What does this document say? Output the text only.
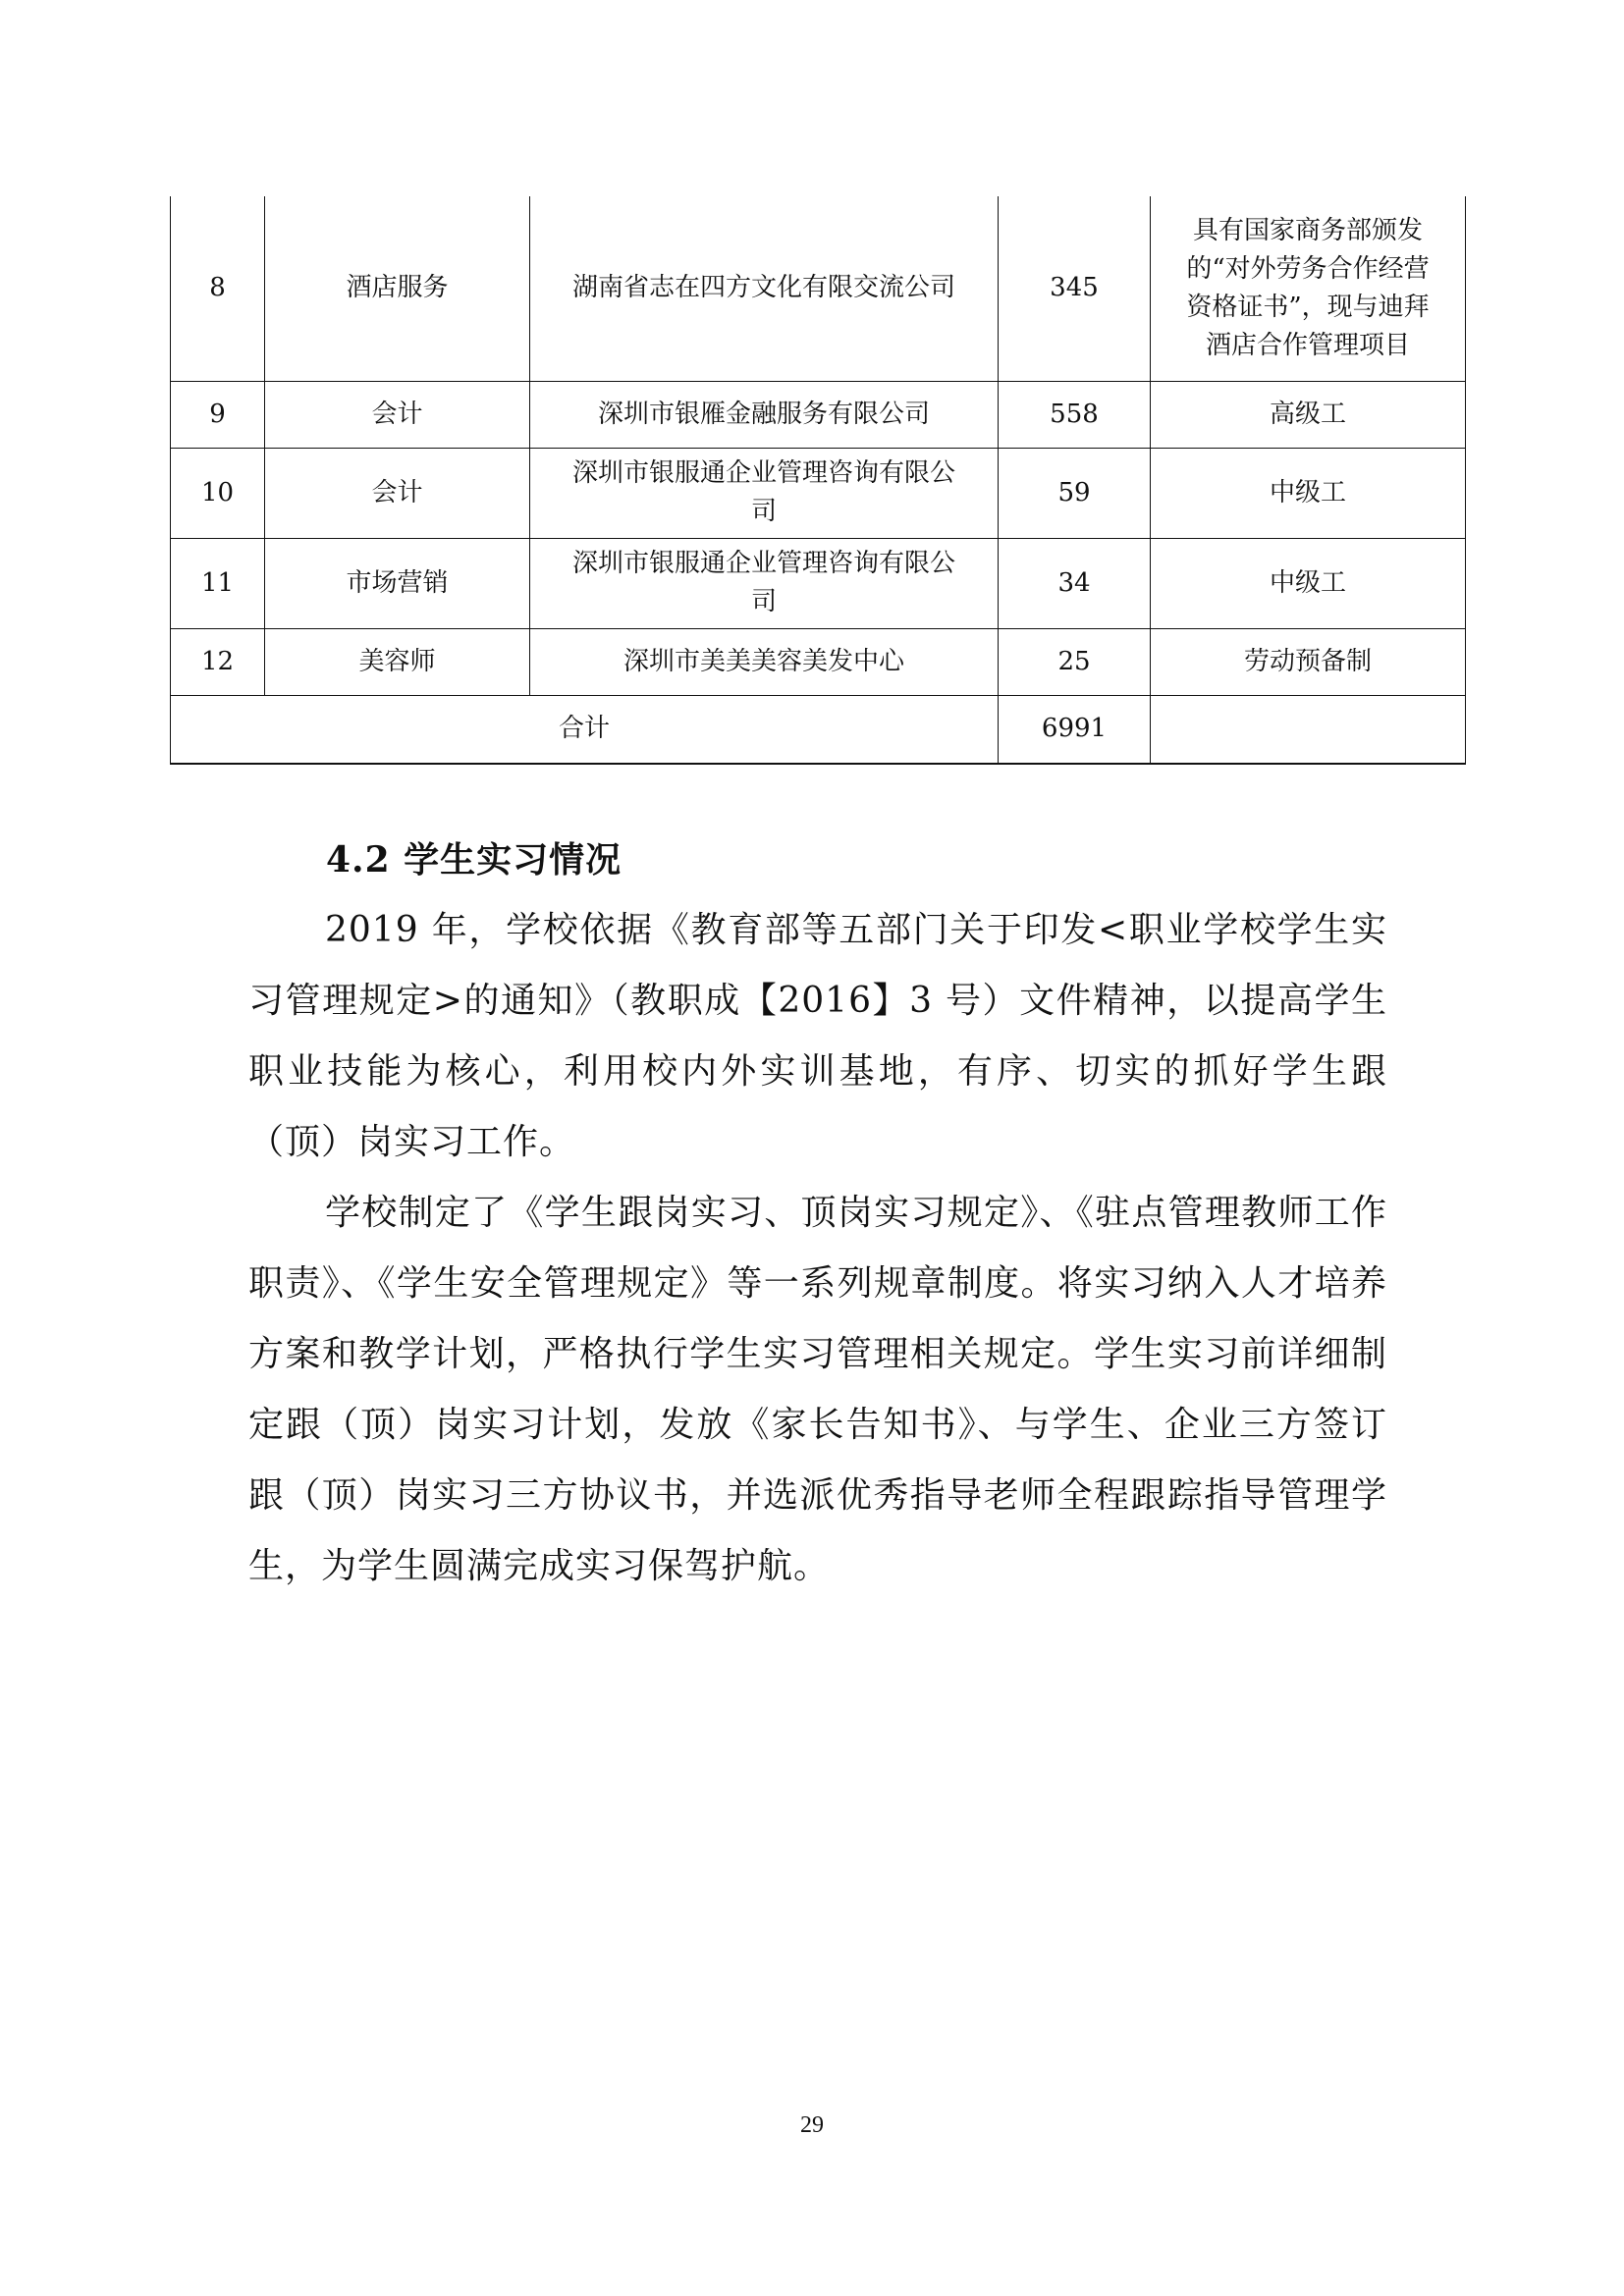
8	酒店服务	湖南省志在四方文化有限交流公司	345	具有国家商务部颁发
的“对外劳务合作经营
资格证书”，现与迪拜
酒店合作管理项目
9	会计	深圳市银雁金融服务有限公司	558	高级工
10	会计	深圳市银服通企业管理咨询有限公
司	59	中级工
11	市场营销	深圳市银服通企业管理咨询有限公
司	34	中级工
12	美容师	深圳市美美美容美发中心	25	劳动预备制
合计			6991	
4.2 学生实习情况

2019 年，学校依据《教育部等五部门关于印发<职业学校学生实习管理规定>的通知》（教职成【2016】3 号）文件精神，以提高学生职业技能为核心，利用校内外实训基地，有序、切实的抓好学生跟（顶）岗实习工作。

学校制定了《学生跟岗实习、顶岗实习规定》、《驻点管理教师工作职责》、《学生安全管理规定》等一系列规章制度。将实习纳入人才培养方案和教学计划，严格执行学生实习管理相关规定。学生实习前详细制定跟（顶）岗实习计划，发放《家长告知书》、与学生、企业三方签订跟（顶）岗实习三方协议书，并选派优秀指导老师全程跟踪指导管理学生，为学生圆满完成实习保驾护航。

29
